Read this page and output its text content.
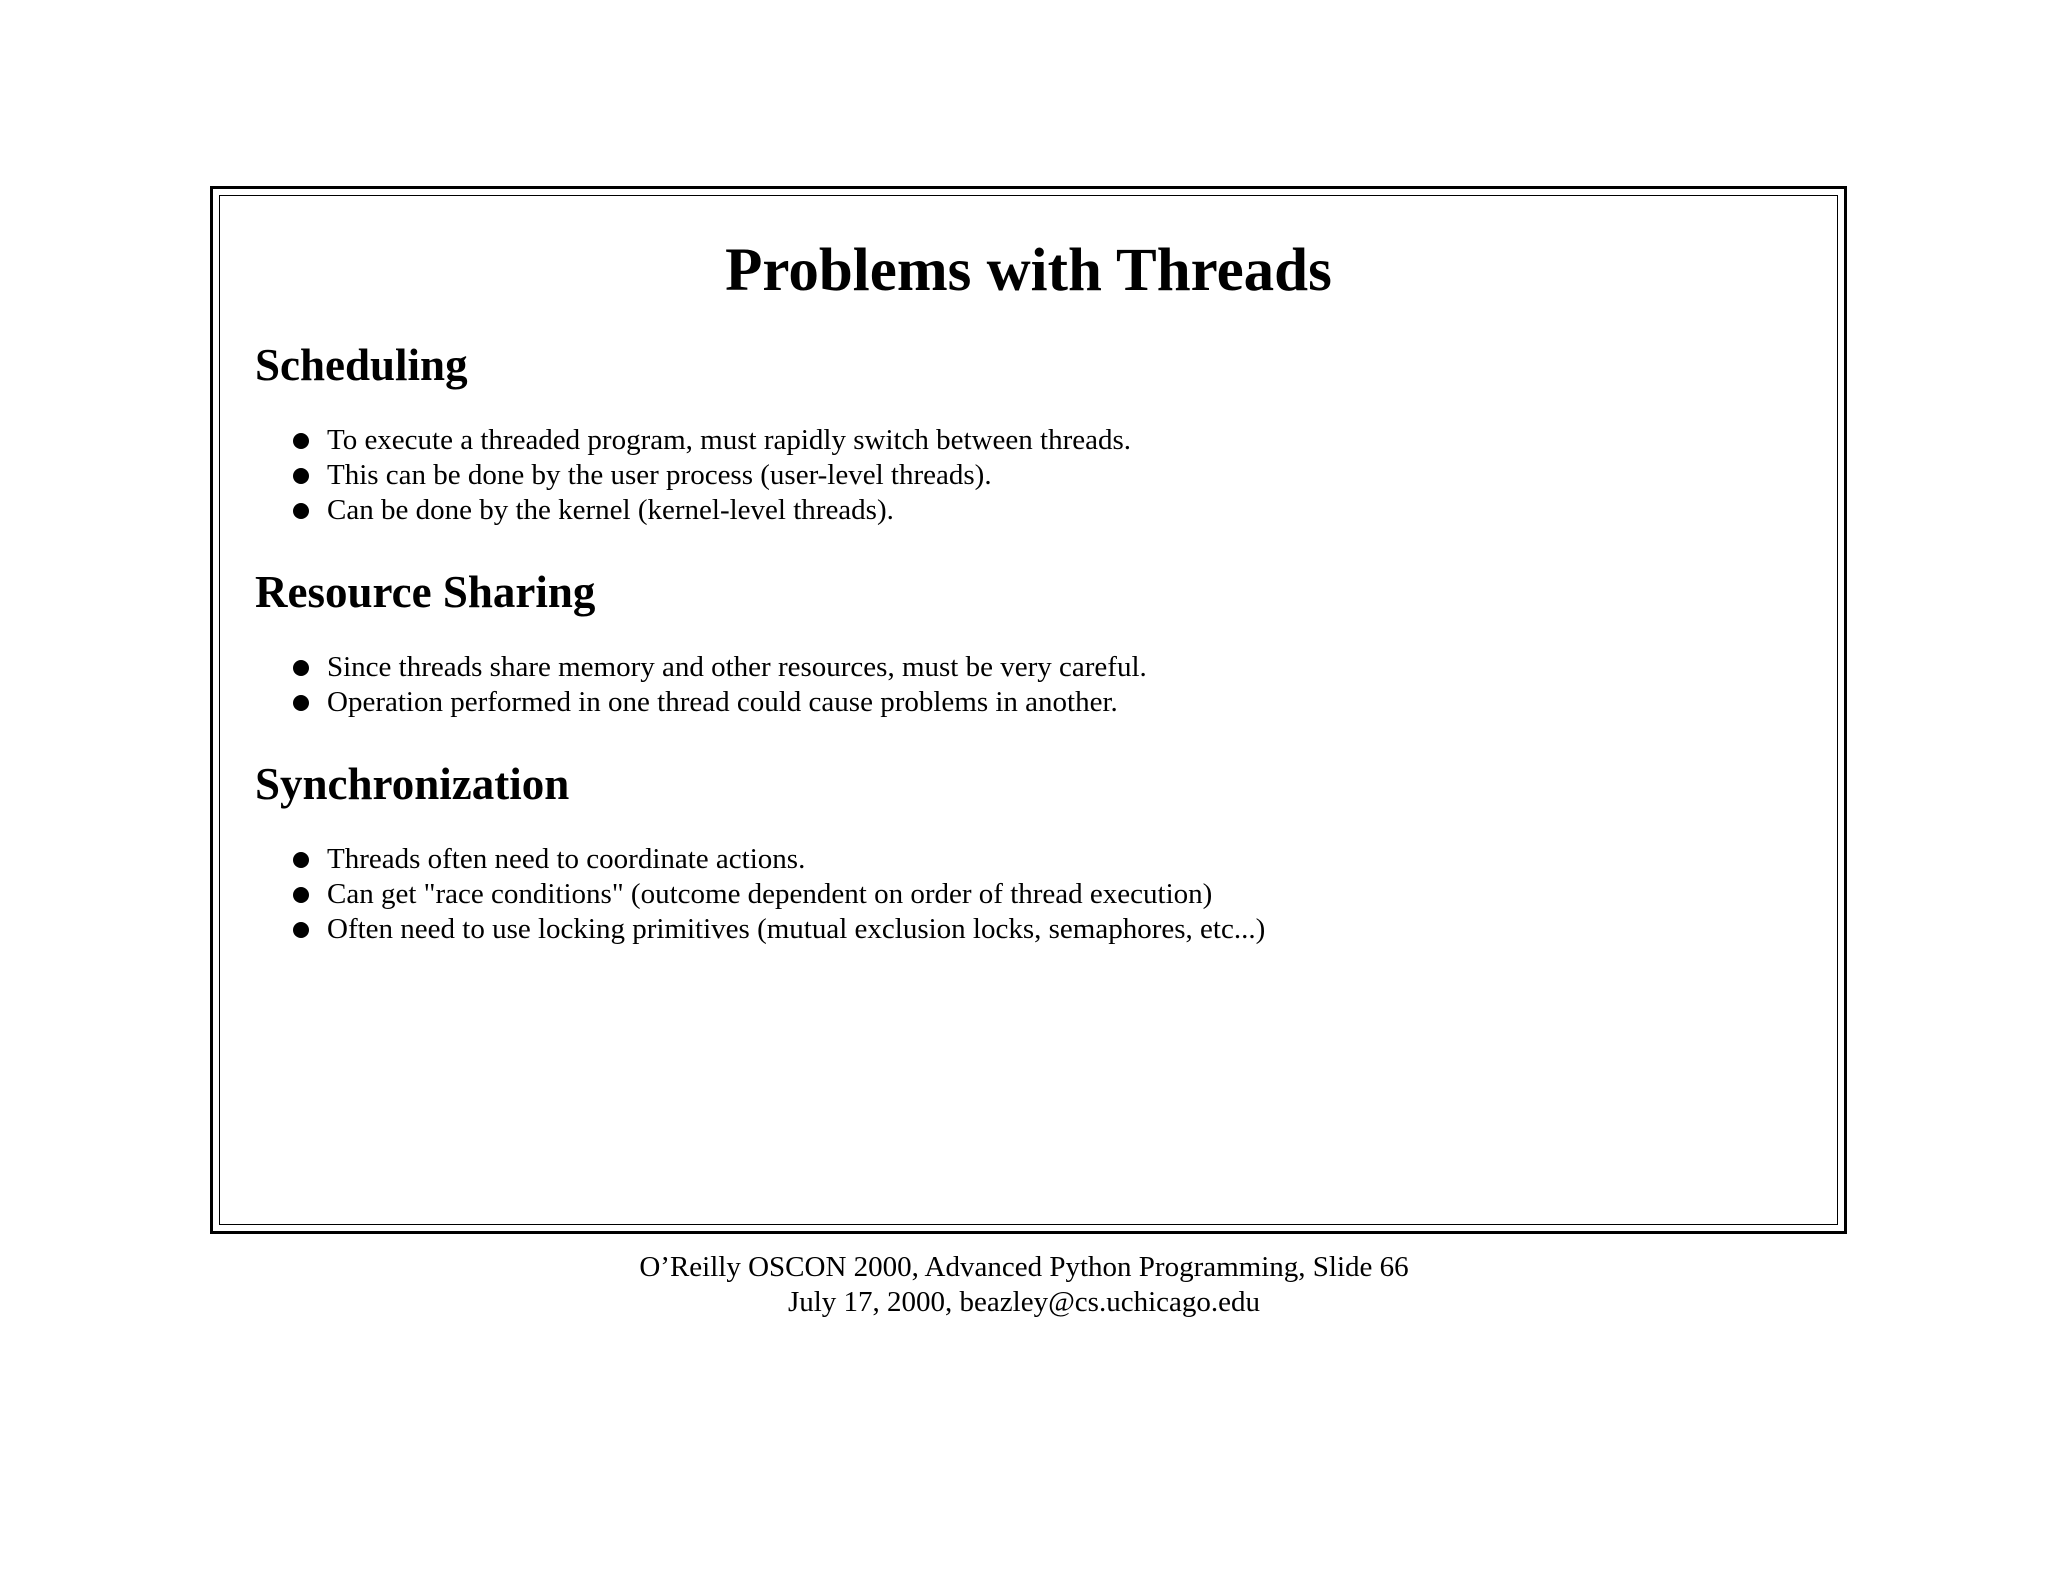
Problems with Threads
Scheduling
To execute a threaded program, must rapidly switch between threads.
This can be done by the user process (user-level threads).
Can be done by the kernel (kernel-level threads).
Resource Sharing
Since threads share memory and other resources, must be very careful.
Operation performed in one thread could cause problems in another.
Synchronization
Threads often need to coordinate actions.
Can get "race conditions" (outcome dependent on order of thread execution)
Often need to use locking primitives (mutual exclusion locks, semaphores, etc...)
O’Reilly OSCON 2000, Advanced Python Programming, Slide 66
July 17, 2000, beazley@cs.uchicago.edu
